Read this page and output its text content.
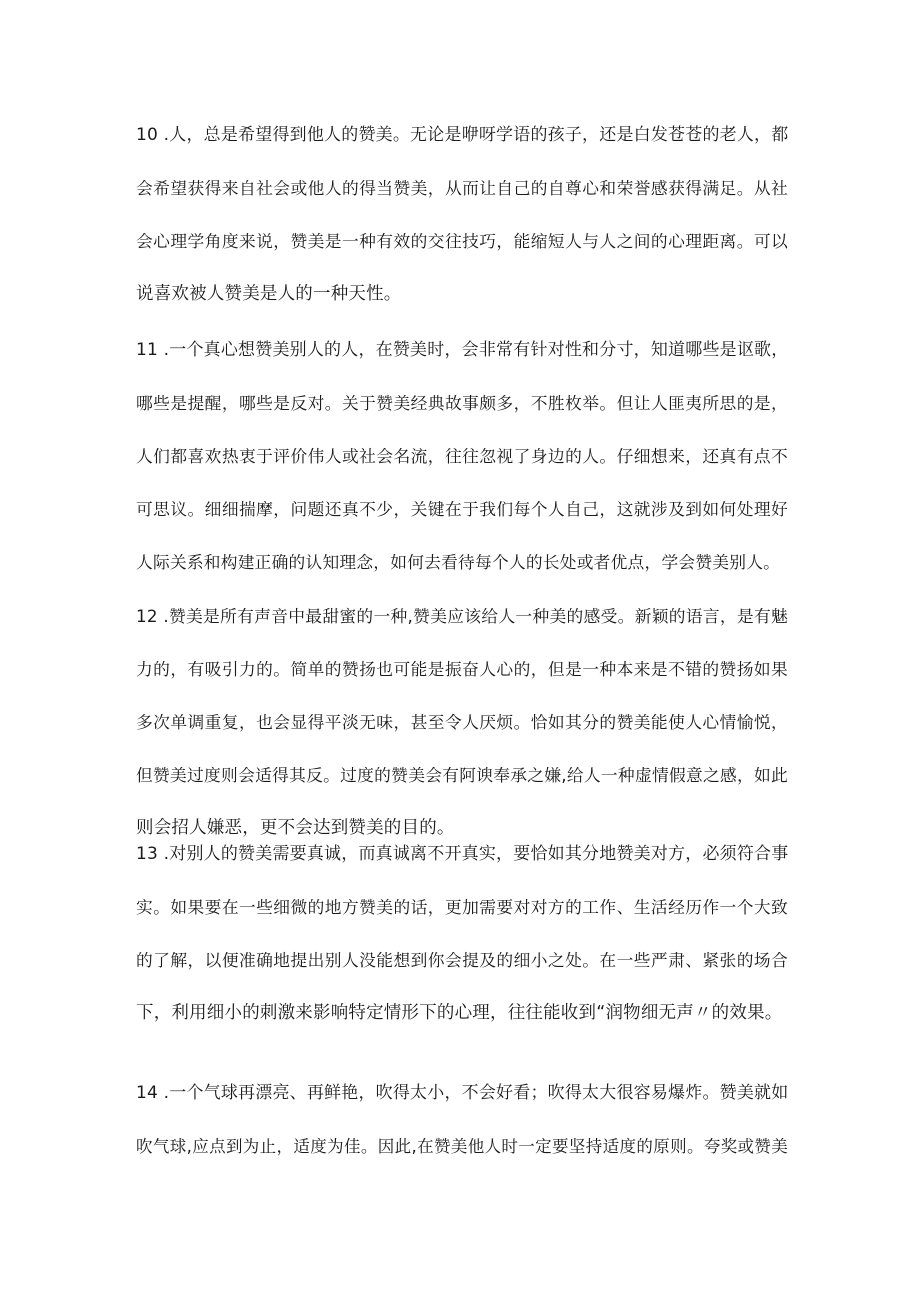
10 .人，总是希望得到他人的赞美。无论是咿呀学语的孩子，还是白发苍苍的老人，都
会希望获得来自社会或他人的得当赞美，从而让自己的自尊心和荣誉感获得满足。从社
会心理学角度来说，赞美是一种有效的交往技巧，能缩短人与人之间的心理距离。可以
说喜欢被人赞美是人的一种天性。
11 .一个真心想赞美别人的人，在赞美时，会非常有针对性和分寸，知道哪些是讴歌，
哪些是提醒，哪些是反对。关于赞美经典故事颇多，不胜枚举。但让人匪夷所思的是，
人们都喜欢热衷于评价伟人或社会名流，往往忽视了身边的人。仔细想来，还真有点不
可思议。细细揣摩，问题还真不少，关键在于我们每个人自己，这就涉及到如何处理好
人际关系和构建正确的认知理念，如何去看待每个人的长处或者优点，学会赞美别人。
12 .赞美是所有声音中最甜蜜的一种,赞美应该给人一种美的感受。新颖的语言，是有魅
力的，有吸引力的。简单的赞扬也可能是振奋人心的，但是一种本来是不错的赞扬如果
多次单调重复，也会显得平淡无味，甚至令人厌烦。恰如其分的赞美能使人心情愉悦，
但赞美过度则会适得其反。过度的赞美会有阿谀奉承之嫌,给人一种虚情假意之感，如此
则会招人嫌恶，更不会达到赞美的目的。
13 .对别人的赞美需要真诚，而真诚离不开真实，要恰如其分地赞美对方，必须符合事
实。如果要在一些细微的地方赞美的话，更加需要对对方的工作、生活经历作一个大致
的了解，以便准确地提出别人没能想到你会提及的细小之处。在一些严肃、紧张的场合
下，利用细小的刺激来影响特定情形下的心理，往往能收到“润物细无声〃的效果。
14 .一个气球再漂亮、再鲜艳，吹得太小，不会好看；吹得太大很容易爆炸。赞美就如
吹气球,应点到为止，适度为佳。因此,在赞美他人时一定要坚持适度的原则。夸奖或赞美
